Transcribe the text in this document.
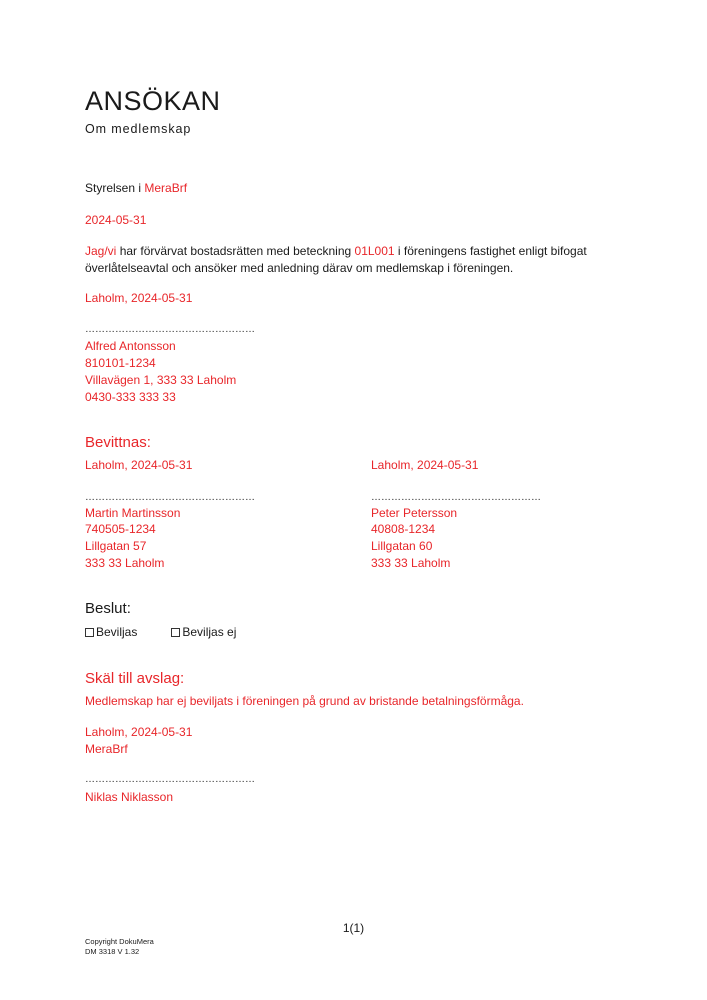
ANSÖKAN
Om medlemskap
Styrelsen i MeraBrf
2024-05-31
Jag/vi har förvärvat bostadsrätten med beteckning 01L001 i föreningens fastighet enligt bifogat överlåtelseavtal och ansöker med anledning därav om medlemskap i föreningen.
Laholm, 2024-05-31
……………………………………………
Alfred Antonsson
810101-1234
Villavägen 1, 333 33 Laholm
0430-333 333 33
Bevittnas:
Laholm, 2024-05-31
……………………………………………
Martin Martinsson
740505-1234
Lillgatan 57
333 33 Laholm
Laholm, 2024-05-31
……………………………………………
Peter Petersson
40808-1234
Lillgatan 60
333 33 Laholm
Beslut:
Beviljas	Beviljas ej
Skäl till avslag:
Medlemskap har ej beviljats i föreningen på grund av bristande betalningsförmåga.
Laholm, 2024-05-31
MeraBrf
……………………………………………
Niklas Niklasson
1(1)
Copyright DokuMera
DM 3318 V 1.32
